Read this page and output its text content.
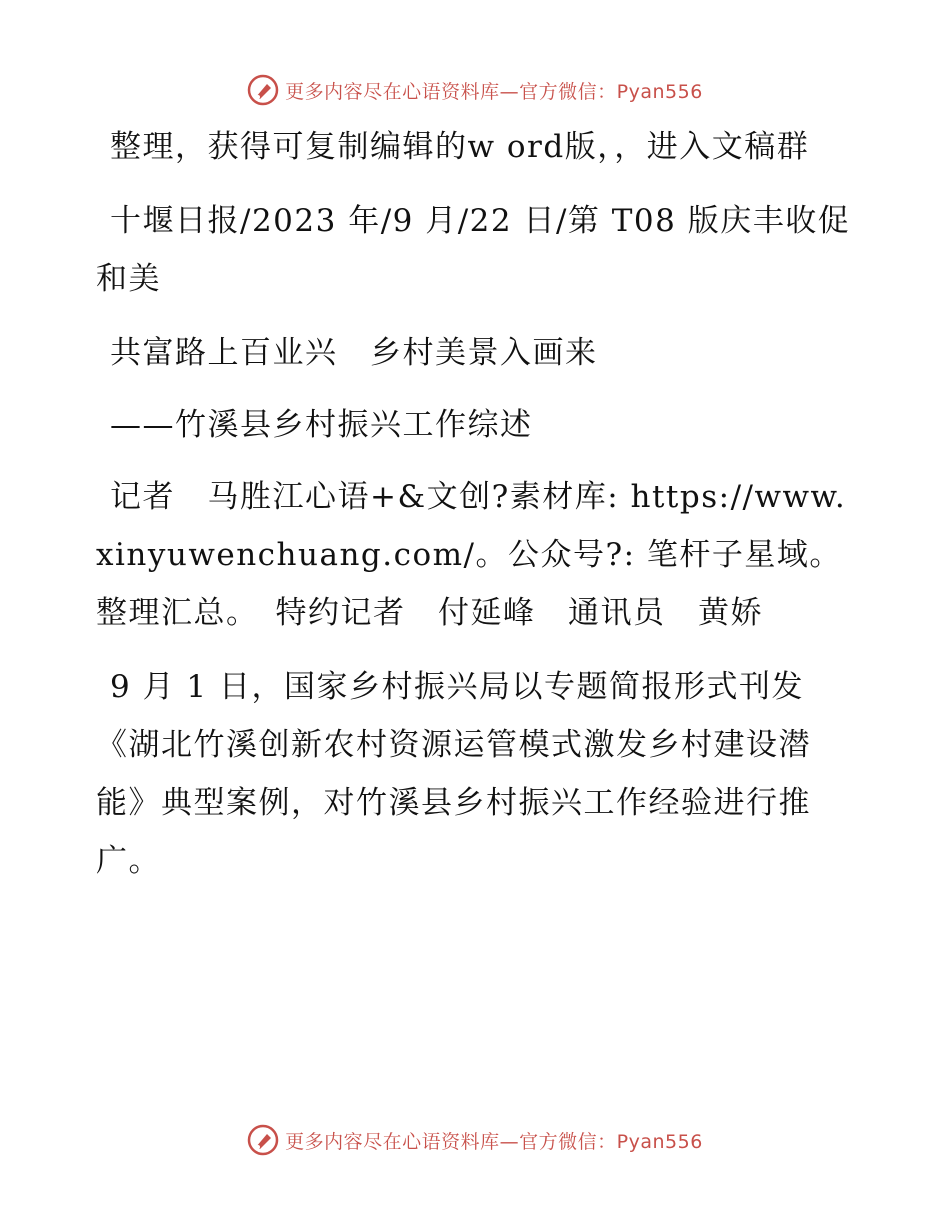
更多内容尽在心语资料库—官方微信：Pyan556

整理，获得可复制编辑的w ord版，，进入文稿群

十堰日报/2023 年/9 月/22 日/第 T08 版庆丰收促和美

共富路上百业兴　乡村美景入画来

——竹溪县乡村振兴工作综述

记者　马胜江心语+&文创?素材库: https://www.xinyuwenchuang.com/。公众号?: 笔杆子星域。整理汇总。　特约记者　付延峰　通讯员　黄娇

9 月 1 日，国家乡村振兴局以专题简报形式刊发《湖北竹溪创新农村资源运管模式激发乡村建设潜能》典型案例，对竹溪县乡村振兴工作经验进行推广。

更多内容尽在心语资料库—官方微信：Pyan556
